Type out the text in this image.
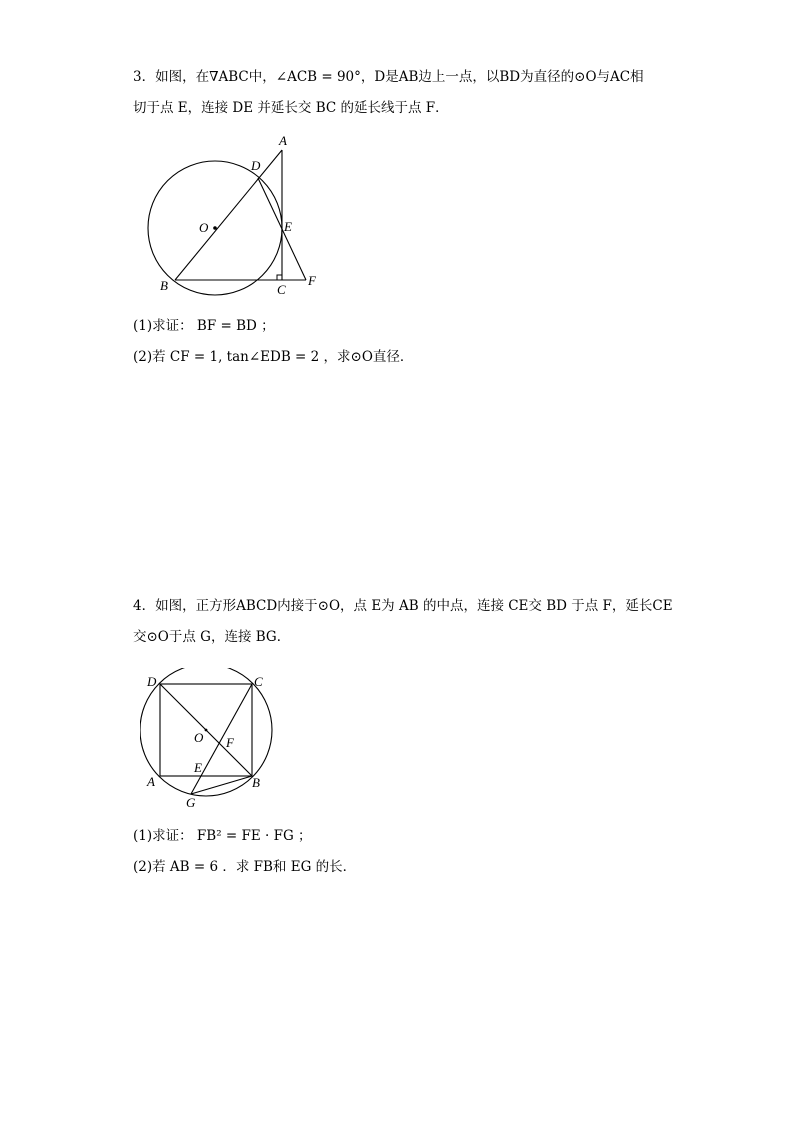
3．如图，在∇ABC中，∠ACB = 90°，D是AB边上一点，以BD为直径的⊙O与AC相
切于点 E，连接 DE 并延长交 BC 的延长线于点 F．
A
B	C
D
E
F
O
(1)求证： BF = BD ；
(2)若 CF = 1, tan∠EDB = 2 ，求⊙O直径．
4．如图，正方形ABCD内接于⊙O，点 E为 AB 的中点，连接 CE交 BD 于点 F，延长CE
交⊙O于点 G，连接 BG．
D	C
A	B
G
E
F
O
(1)求证： FB² = FE · FG ；
(2)若 AB = 6 ．求 FB和 EG 的长．
